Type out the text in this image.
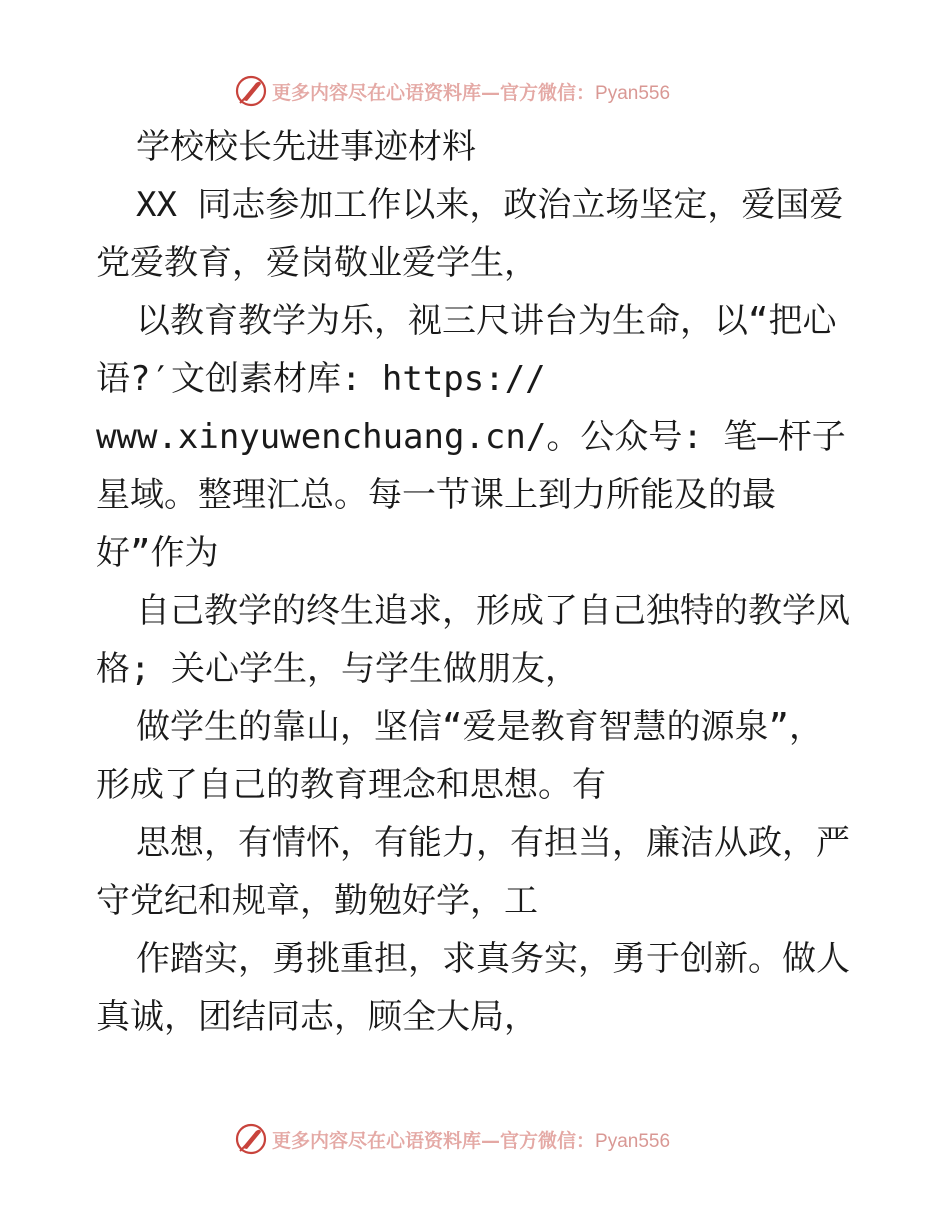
更多内容尽在心语资料库—官方微信：Pyan556

学校校长先进事迹材料

XX 同志参加工作以来，政治立场坚定，爱国爱党爱教育，爱岗敬业爱学生，

以教育教学为乐，视三尺讲台为生命，以“把心语?′文创素材库: https://
www.xinyuwenchuang.cn/。公众号: 笔—杆子星域。整理汇总。每一节课上到力所能及的最好”作为

自己教学的终生追求，形成了自己独特的教学风格; 关心学生，与学生做朋友，

做学生的靠山，坚信“爱是教育智慧的源泉”，形成了自己的教育理念和思想。有

思想，有情怀，有能力，有担当，廉洁从政，严守党纪和规章，勤勉好学，工

作踏实，勇挑重担，求真务实，勇于创新。做人真诚，团结同志，顾全大局，

更多内容尽在心语资料库—官方微信：Pyan556
